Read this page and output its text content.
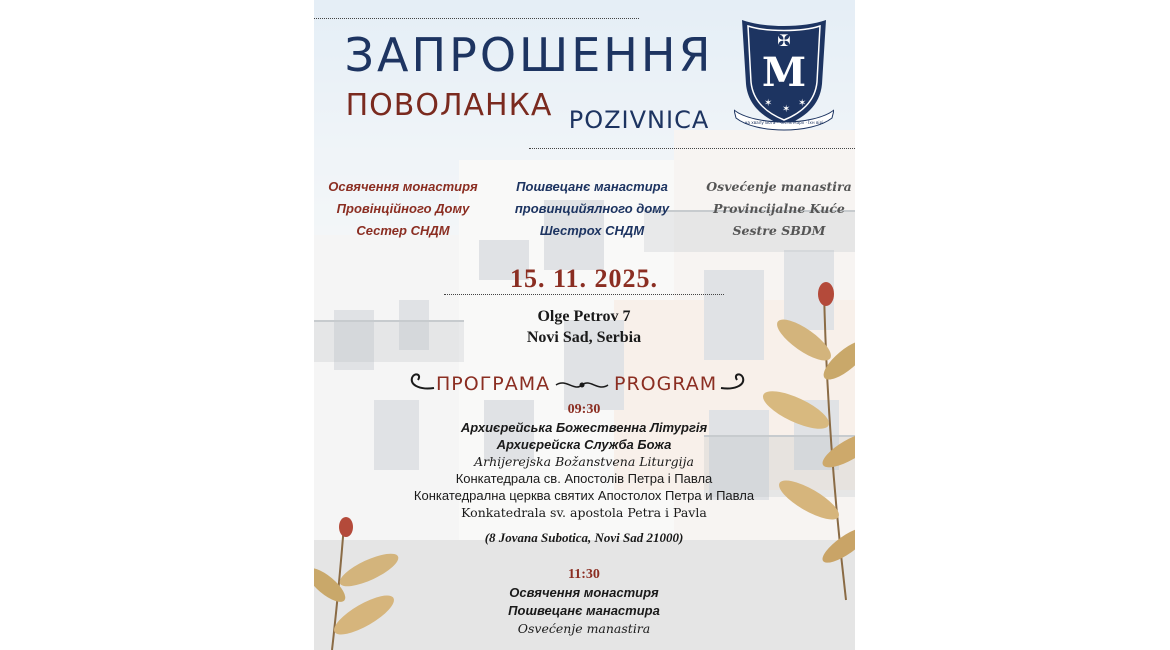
ЗАПРОШЕННЯ
ПОВОЛАНКА POZIVNICA
✠
M
✶
✶
✶
на хвалу Бога · честь Марії · Їхн вірі
Освячення монастиря
Провінційного Дому
Сестер СНДМ
Пошвецанє манастира
провинцийялного дому
Шестрох СНДМ
Osvećenje manastira
Provincijalne Kuće
Sestre SBDM
15. 11. 2025.
Olge Petrov 7
Novi Sad, Serbia
ПРОГРАМА	PROGRAM
09:30
Архиєрейська Божественна Літургія
Архиєрейска Служба Божа
Arhijerejska Božanstvena Liturgija
Конкатедрала св. Апостолів Петра і Павла
Конкатедрална церква святих Апостолох Петра и Павла
Konkatedrala sv. apostola Petra i Pavla
(8 Jovana Subotica, Novi Sad 21000)
11:30
Освячення монастиря
Пошвецанє манастира
Osvećenje manastira
